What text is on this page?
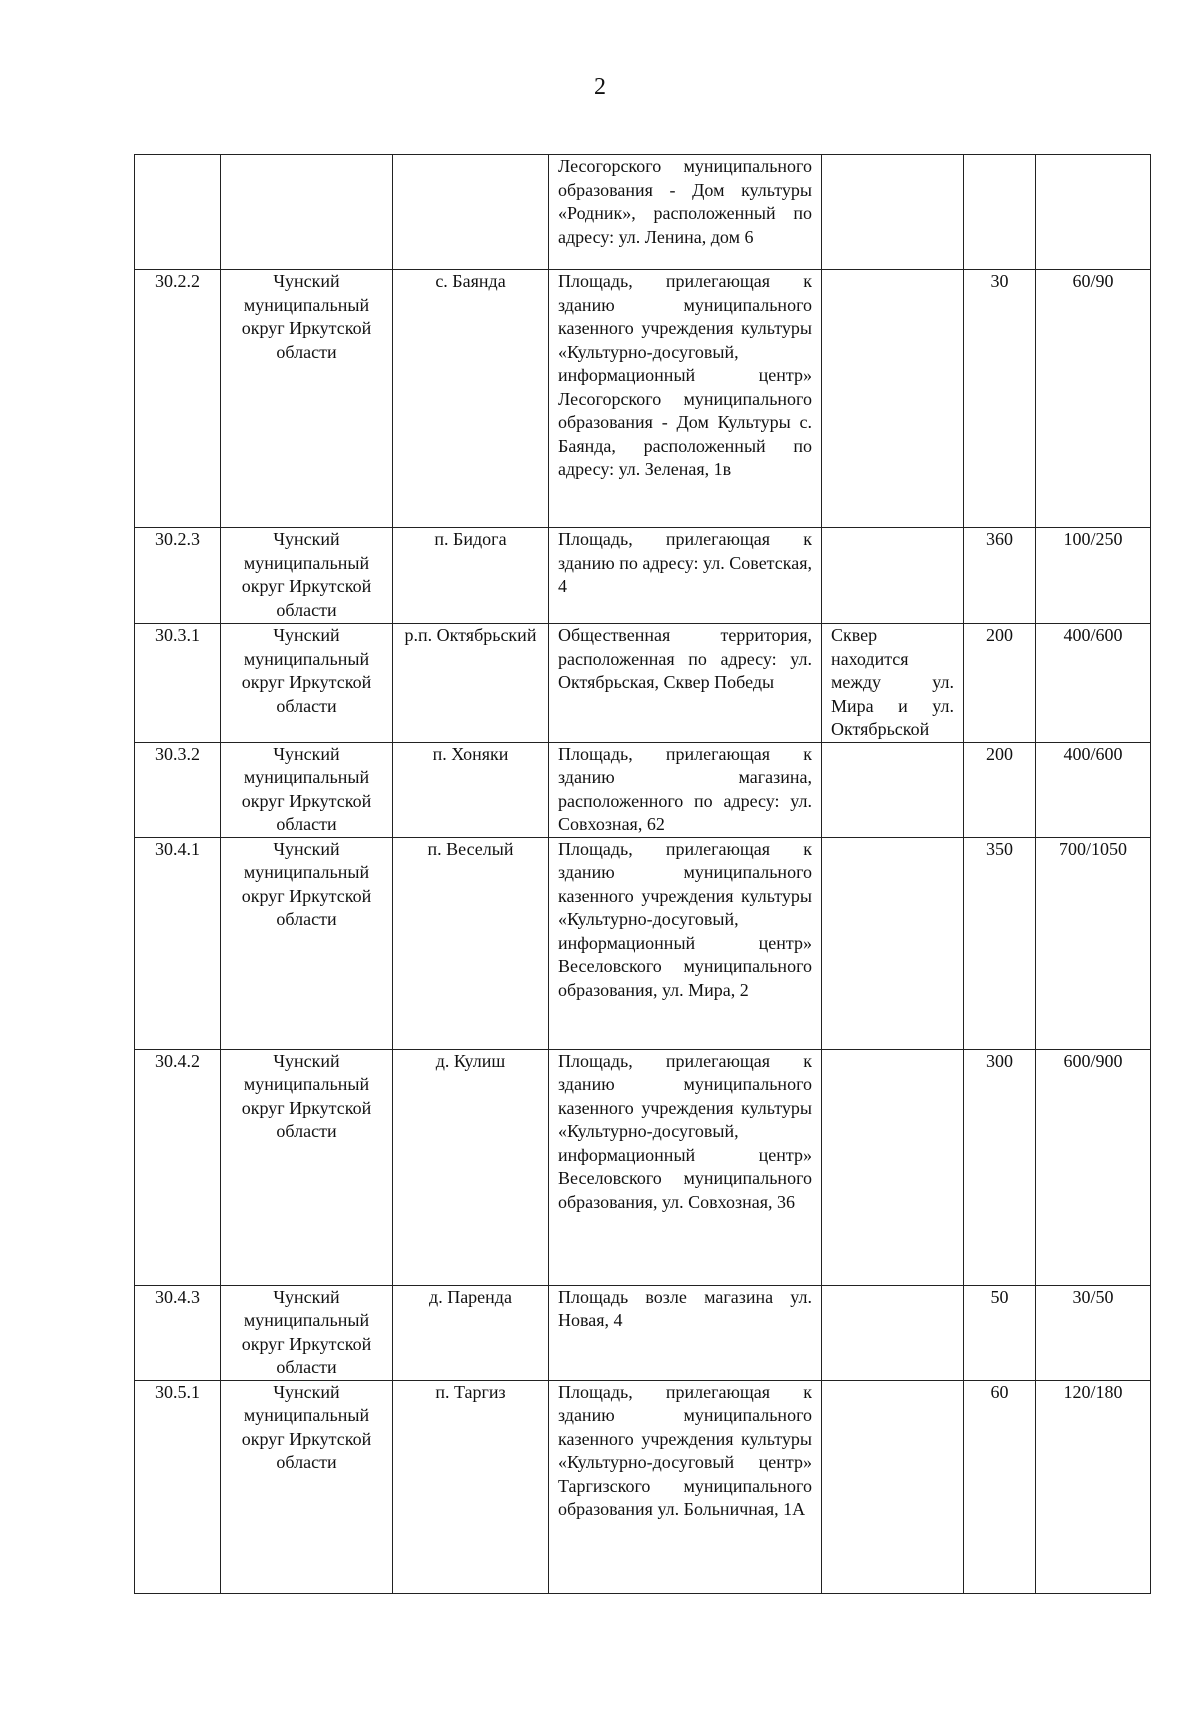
2
			Лесогорского муниципального образования - Дом культуры «Родник», расположенный по адресу: ул. Ленина, дом 6			
30.2.2	Чунский муниципальный округ Иркутской области	с. Баянда	Площадь, прилегающая к зданию муниципального казенного учреждения культуры «Культурно-досуговый, информационный центр» Лесогорского муниципального образования - Дом Культуры с. Баянда, расположенный по адресу: ул. Зеленая, 1в		30	60/90
30.2.3	Чунский муниципальный округ Иркутской области	п. Бидога	Площадь, прилегающая к зданию по адресу: ул. Советская, 4		360	100/250
30.3.1	Чунский муниципальный округ Иркутской области	р.п. Октябрьский	Общественная территория, расположенная по адресу: ул. Октябрьская, Сквер Победы	Сквер находится между ул. Мира и ул. Октябрьской	200	400/600
30.3.2	Чунский муниципальный округ Иркутской области	п. Хоняки	Площадь, прилегающая к зданию магазина, расположенного по адресу: ул. Совхозная, 62		200	400/600
30.4.1	Чунский муниципальный округ Иркутской области	п. Веселый	Площадь, прилегающая к зданию муниципального казенного учреждения культуры «Культурно-досуговый, информационный центр» Веселовского муниципального образования, ул. Мира, 2		350	700/1050
30.4.2	Чунский муниципальный округ Иркутской области	д. Кулиш	Площадь, прилегающая к зданию муниципального казенного учреждения культуры «Культурно-досуговый, информационный центр» Веселовского муниципального образования, ул. Совхозная, 36		300	600/900
30.4.3	Чунский муниципальный округ Иркутской области	д. Паренда	Площадь возле магазина ул. Новая, 4		50	30/50
30.5.1	Чунский муниципальный округ Иркутской области	п. Таргиз	Площадь, прилегающая к зданию муниципального казенного учреждения культуры «Культурно-досуговый центр» Таргизского муниципального образования ул. Больничная, 1А		60	120/180
